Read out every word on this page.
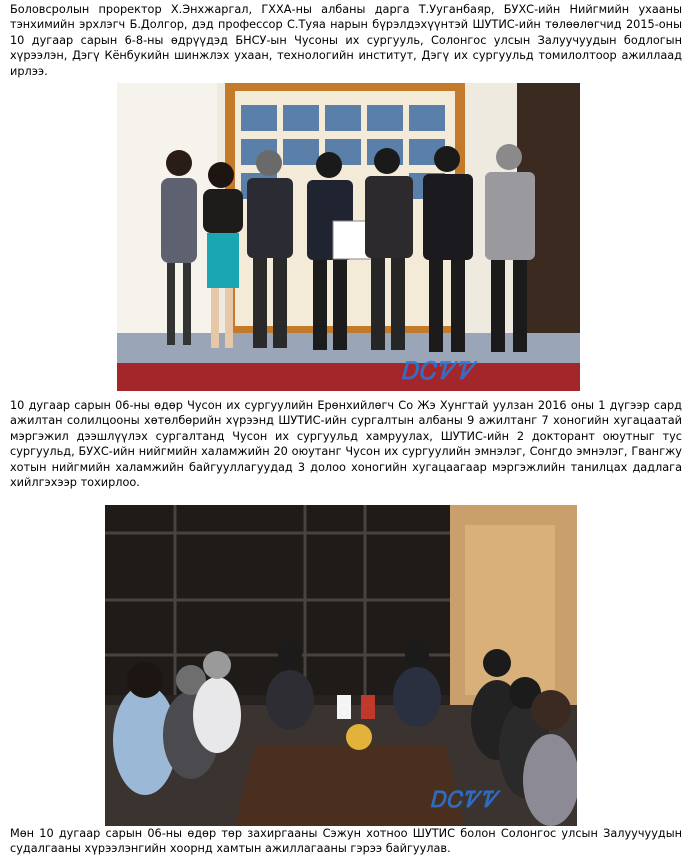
Боловсролын проректор Х.Энхжаргал, ГХХА-ны албаны дарга Т.Ууганбаяр, БУХС-ийн Нийгмийн ухааны тэнхимийн эрхлэгч Б.Долгор, дэд профессор С.Туяа нарын бүрэлдэхүүнтэй ШУТИС-ийн төлөөлөгчид 2015-оны 10 дугаар сарын 6-8-ны өдрүүдэд БНСУ-ын Чусоны их сургууль, Солонгос улсын Залуучуудын бодлогын хүрээлэн, Дэгү Кёнбукийн шинжлэх ухаан, технологийн институт, Дэгү их сургуульд томилолтоор ажиллаад ирлээ.

ᎠᏟᏤᏤ

10 дугаар сарын 06-ны өдөр Чусон их сургуулийн Ерөнхийлөгч Со Жэ Хунгтай уулзан 2016 оны 1 дүгээр сард ажилтан солилцооны хөтөлбөрийн хүрээнд ШУТИС-ийн сургалтын албаны 9 ажилтанг 7 хоногийн хугацаатай мэргэжил дээшлүүлэх сургалтанд Чусон их сургуульд хамруулах, ШУТИС-ийн 2 докторант оюутныг тус сургуульд, БУХС-ийн нийгмийн халамжийн 20 оюутанг Чусон их сургуулийн эмнэлэг, Сонгдо эмнэлэг, Гвангжу хотын нийгмийн халамжийн байгууллагуудад 3 долоо хоногийн хугацаагаар мэргэжлийн танилцах дадлага хийлгэхээр тохирлоо.

ᎠᏟᏤᏤ

Мөн 10 дугаар сарын 06-ны өдөр төр захиргааны Сэжун хотноо ШУТИС болон Солонгос улсын Залуучуудын судалгааны хүрээлэнгийн хоорнд хамтын ажиллагааны гэрээ байгуулав.
